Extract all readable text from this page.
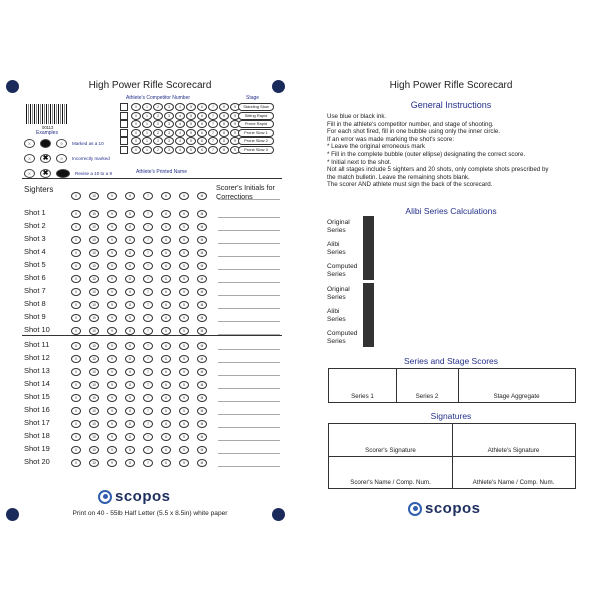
High Power Rifle Scorecard
00113
Examples
X	10	9	Marked as a 10
X	✖	9	Incorrectly marked
X	✖	Revise a 10 to a 9
Athlete's Competitor Number	Stage
0	1	2	3	4	5	6	7	8	9
0	1	2	3	4	5	6	7	8	9
0	1	2	3	4	5	6	7	8	9
0	1	2	3	4	5	6	7	8	9
0	1	2	3	4	5	6	7	8	9
0	1	2	3	4	5	6	7	8	9
Standing Slow
Sitting Rapid
Prone Rapid
Prone Slow 1
Prone Slow 2
Prone Slow 3
Athlete's Printed Name
Sighters	Scorer's Initials for Corrections
X	10	9	8	7	6	5	M
Shot 1	X	10	9	8	7	6	5	M
Shot 2	X	10	9	8	7	6	5	M
Shot 3	X	10	9	8	7	6	5	M
Shot 4	X	10	9	8	7	6	5	M
Shot 5	X	10	9	8	7	6	5	M
Shot 6	X	10	9	8	7	6	5	M
Shot 7	X	10	9	8	7	6	5	M
Shot 8	X	10	9	8	7	6	5	M
Shot 9	X	10	9	8	7	6	5	M
Shot 10	X	10	9	8	7	6	5	M
Shot 11	X	10	9	8	7	6	5	M
Shot 12	X	10	9	8	7	6	5	M
Shot 13	X	10	9	8	7	6	5	M
Shot 14	X	10	9	8	7	6	5	M
Shot 15	X	10	9	8	7	6	5	M
Shot 16	X	10	9	8	7	6	5	M
Shot 17	X	10	9	8	7	6	5	M
Shot 18	X	10	9	8	7	6	5	M
Shot 19	X	10	9	8	7	6	5	M
Shot 20	X	10	9	8	7	6	5	M
scopos
Print on 40 - 55lb Half Letter (5.5 x 8.5in) white paper
High Power Rifle Scorecard
General Instructions
Use blue or black ink.
Fill in the athlete's competitor number, and stage of shooting.
For each shot fired, fill in one bubble using only the inner circle.
If an error was made marking the shot's score:
* Leave the original erroneous mark
* Fill in the complete bubble (outer ellipse) designating the correct score.
* Initial next to the shot.
Not all stages include 5 sighters and 20 shots, only complete shots prescribed by
the match bulletin. Leave the remaining shots blank.
The scorer AND athlete must sign the back of the scorecard.
Alibi Series Calculations
Original Series
Alibi Series
Computed Series

Original Series
Alibi Series
Computed Series

Series and Stage Scores
Series 1	Series 2	Stage Aggregate
Signatures
Scorer's Signature	Athlete's Signature
Scorer's Name / Comp. Num.	Athlete's Name / Comp. Num.
scopos
